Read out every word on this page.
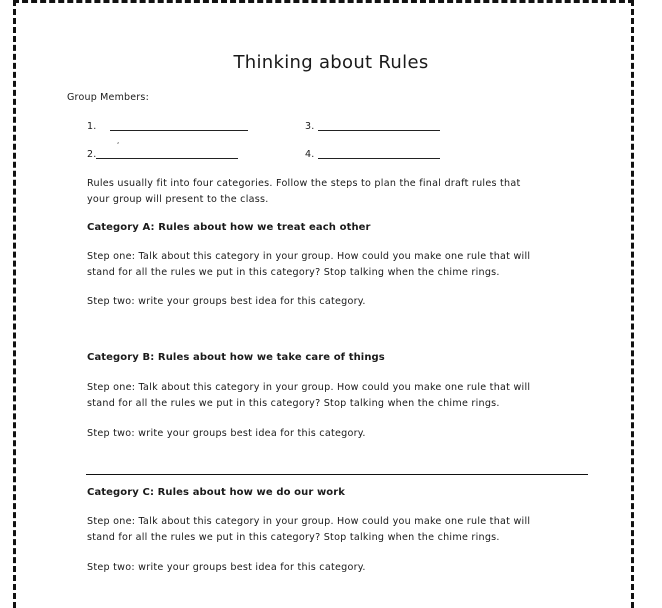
Thinking about Rules
Group Members:
1.	3.
,
2.	4.
Rules usually fit into four categories. Follow the steps to plan the final draft rules that
your group will present to the class.
Category A: Rules about how we treat each other
Step one: Talk about this category in your group. How could you make one rule that will
stand for all the rules we put in this category? Stop talking when the chime rings.
Step two: write your groups best idea for this category.
Category B: Rules about how we take care of things
Step one: Talk about this category in your group. How could you make one rule that will
stand for all the rules we put in this category? Stop talking when the chime rings.
Step two: write your groups best idea for this category.
Category C: Rules about how we do our work
Step one: Talk about this category in your group. How could you make one rule that will
stand for all the rules we put in this category? Stop talking when the chime rings.
Step two: write your groups best idea for this category.
